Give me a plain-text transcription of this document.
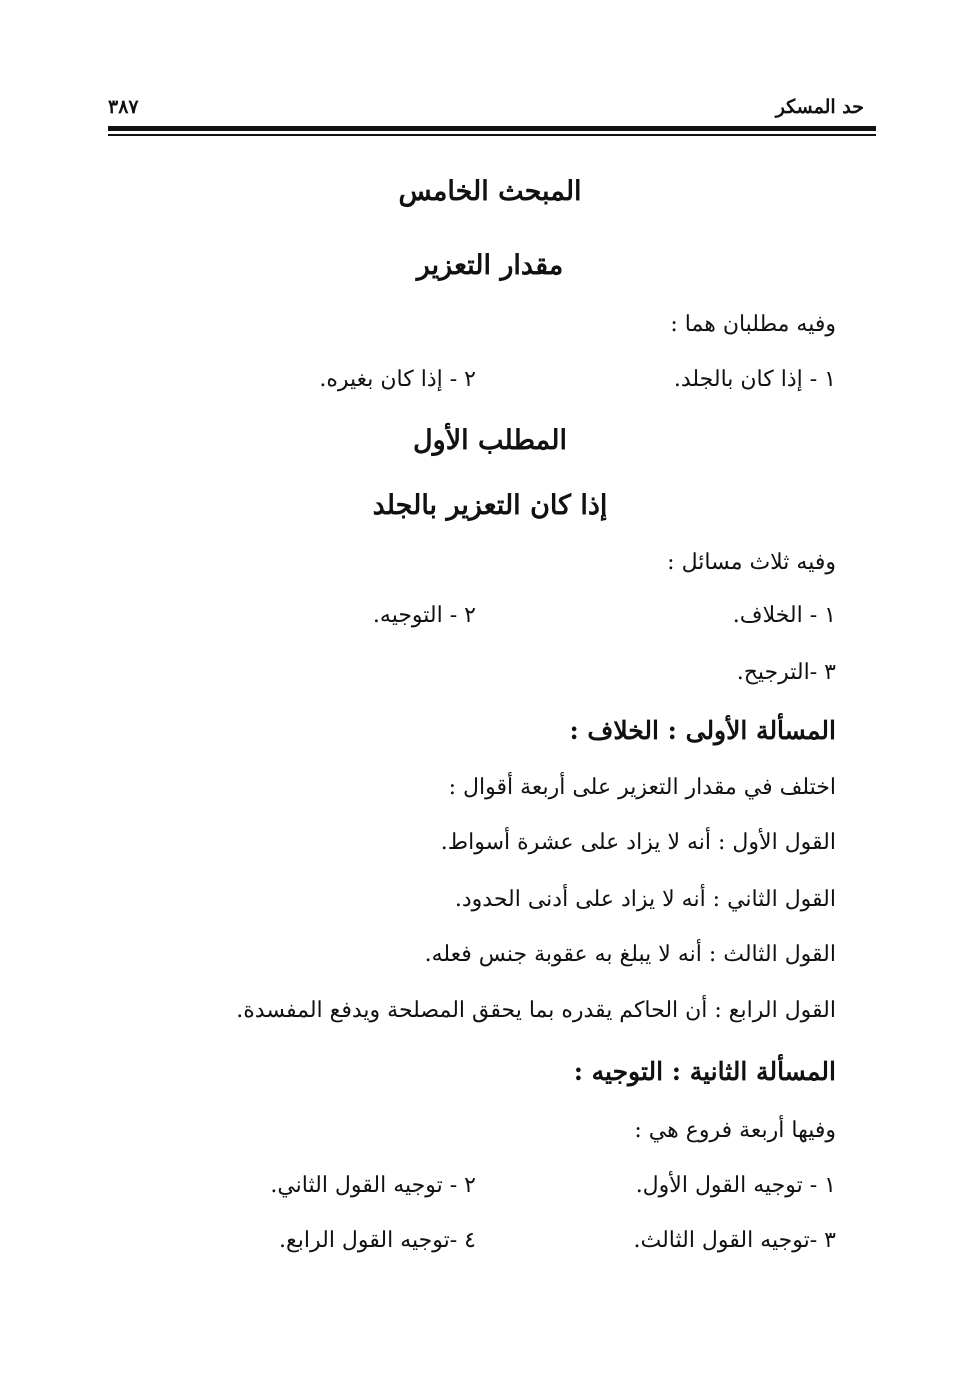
حد المسكر
٣٨٧
المبحث الخامس
مقدار التعزير
وفيه مطلبان هما :
١ - إذا كان بالجلد.
٢ - إذا كان بغيره.
المطلب الأول
إذا كان التعزير بالجلد
وفيه ثلاث مسائل :
١ - الخلاف.
٢ - التوجيه.
٣ -الترجيح.
المسألة الأولى : الخلاف :
اختلف في مقدار التعزير على أربعة أقوال :
القول الأول : أنه لا يزاد على عشرة أسواط.
القول الثاني : أنه لا يزاد على أدنى الحدود.
القول الثالث : أنه لا يبلغ به عقوبة جنس فعله.
القول الرابع : أن الحاكم يقدره بما يحقق المصلحة ويدفع المفسدة.
المسألة الثانية : التوجيه :
وفيها أربعة فروع هي :
١ - توجيه القول الأول.
٢ - توجيه القول الثاني.
٣ -توجيه القول الثالث.
٤ -توجيه القول الرابع.
